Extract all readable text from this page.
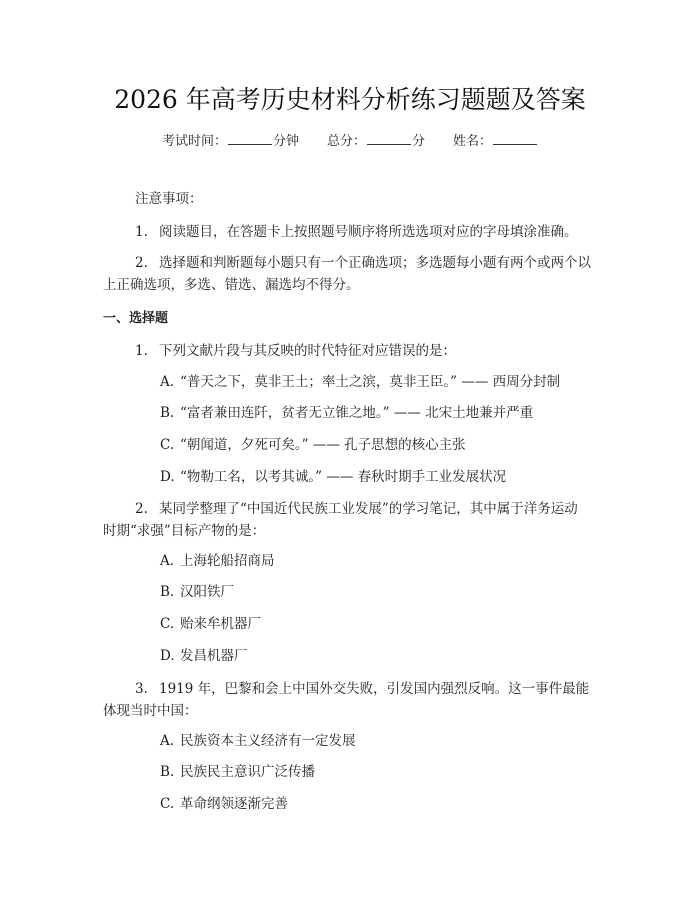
2026 年高考历史材料分析练习题题及答案
考试时间：	分钟 总分：	分 姓名：
注意事项：
1. 阅读题目，在答题卡上按照题号顺序将所选选项对应的字母填涂准确。
2. 选择题和判断题每小题只有一个正确选项；多选题每小题有两个或两个以
上正确选项，多选、错选、漏选均不得分。
一、选择题
1. 下列文献片段与其反映的时代特征对应错误的是：
A. “普天之下，莫非王土；率土之滨，莫非王臣。” —— 西周分封制
B. “富者兼田连阡，贫者无立锥之地。” —— 北宋土地兼并严重
C. “朝闻道，夕死可矣。” —— 孔子思想的核心主张
D. “物勒工名，以考其诚。” —— 春秋时期手工业发展状况
2. 某同学整理了“中国近代民族工业发展”的学习笔记，其中属于洋务运动
时期“求强”目标产物的是：
A. 上海轮船招商局
B. 汉阳铁厂
C. 贻来牟机器厂
D. 发昌机器厂
3. 1919 年，巴黎和会上中国外交失败，引发国内强烈反响。这一事件最能
体现当时中国：
A. 民族资本主义经济有一定发展
B. 民族民主意识广泛传播
C. 革命纲领逐渐完善
